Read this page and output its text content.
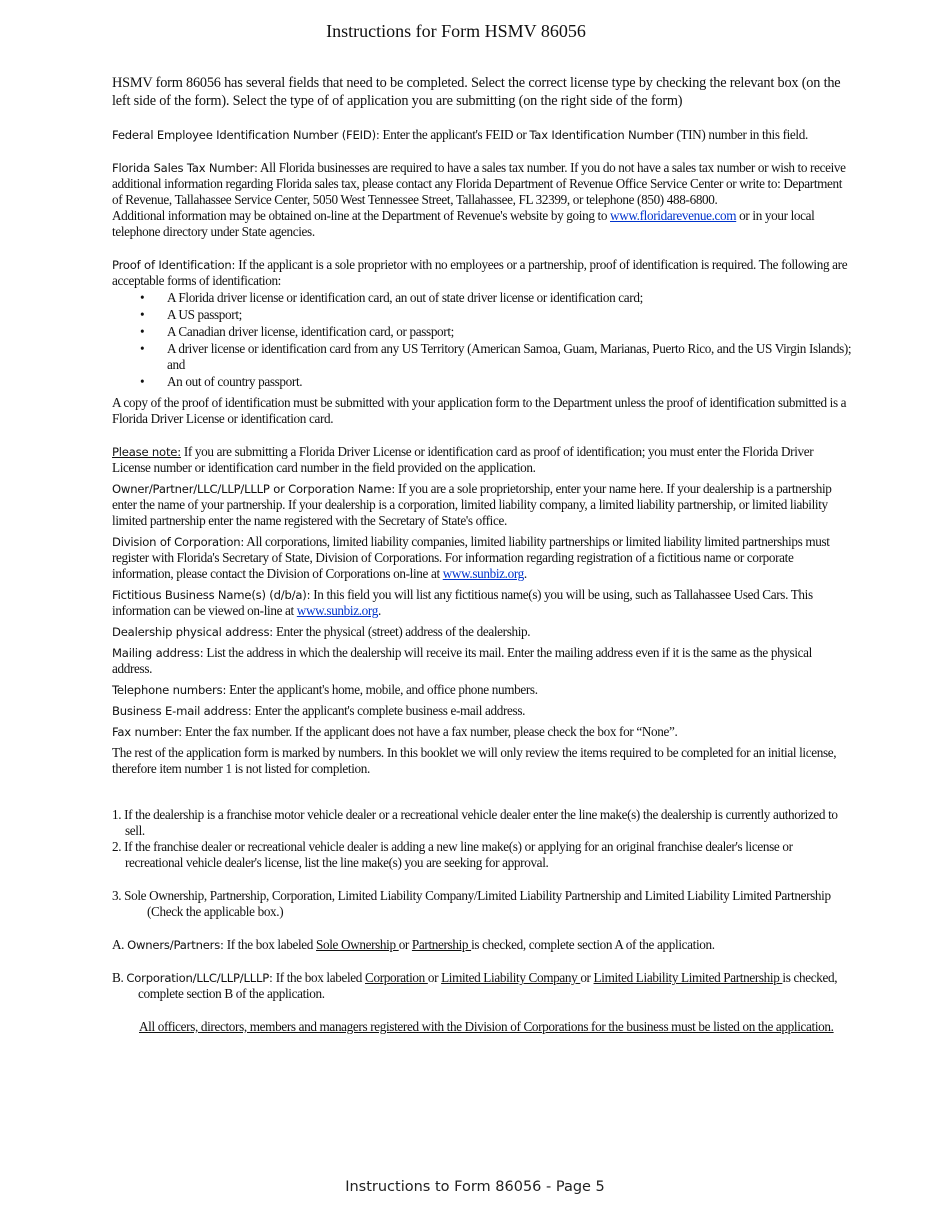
Instructions for Form HSMV 86056

HSMV form 86056 has several fields that need to be completed. Select the correct license type by checking the relevant box (on the left side of the form). Select the type of of application you are submitting (on the right side of the form)

Federal Employee Identification Number (FEID): Enter the applicant's FEID or Tax Identification Number (TIN) number in this field.

Florida Sales Tax Number: All Florida businesses are required to have a sales tax number. If you do not have a sales tax number or wish to receive additional information regarding Florida sales tax, please contact any Florida Department of Revenue Office Service Center or write to: Department of Revenue, Tallahassee Service Center, 5050 West Tennessee Street, Tallahassee, FL 32399, or telephone (850) 488-6800.

Additional information may be obtained on-line at the Department of Revenue's website by going to www.floridarevenue.com or in your local telephone directory under State agencies.

Proof of Identification: If the applicant is a sole proprietor with no employees or a partnership, proof of identification is required. The following are acceptable forms of identification:

• A Florida driver license or identification card, an out of state driver license or identification card;
• A US passport;
• A Canadian driver license, identification card, or passport;
• A driver license or identification card from any US Territory (American Samoa, Guam, Marianas, Puerto Rico, and the US Virgin Islands); and
• An out of country passport.

A copy of the proof of identification must be submitted with your application form to the Department unless the proof of identification submitted is a Florida Driver License or identification card.

Please note: If you are submitting a Florida Driver License or identification card as proof of identification; you must enter the Florida Driver License number or identification card number in the field provided on the application.

Owner/Partner/LLC/LLP/LLLP or Corporation Name: If you are a sole proprietorship, enter your name here. If your dealership is a partnership enter the name of your partnership. If your dealership is a corporation, limited liability company, a limited liability partnership, or limited liability limited partnership enter the name registered with the Secretary of State's office.

Division of Corporation: All corporations, limited liability companies, limited liability partnerships or limited liability limited partnerships must register with Florida's Secretary of State, Division of Corporations. For information regarding registration of a fictitious name or corporate information, please contact the Division of Corporations on-line at www.sunbiz.org.

Fictitious Business Name(s) (d/b/a): In this field you will list any fictitious name(s) you will be using, such as Tallahassee Used Cars. This information can be viewed on-line at www.sunbiz.org.

Dealership physical address: Enter the physical (street) address of the dealership.

Mailing address: List the address in which the dealership will receive its mail. Enter the mailing address even if it is the same as the physical address.

Telephone numbers: Enter the applicant's home, mobile, and office phone numbers.

Business E-mail address: Enter the applicant's complete business e-mail address.

Fax number: Enter the fax number. If the applicant does not have a fax number, please check the box for “None”.

The rest of the application form is marked by numbers. In this booklet we will only review the items required to be completed for an initial license, therefore item number 1 is not listed for completion.

1. If the dealership is a franchise motor vehicle dealer or a recreational vehicle dealer enter the line make(s) the dealership is currently authorized to sell.

2. If the franchise dealer or recreational vehicle dealer is adding a new line make(s) or applying for an original franchise dealer's license or recreational vehicle dealer's license, list the line make(s) you are seeking for approval.

3. Sole Ownership, Partnership, Corporation, Limited Liability Company/Limited Liability Partnership and Limited Liability Limited Partnership (Check the applicable box.)

A. Owners/Partners: If the box labeled Sole Ownership or Partnership is checked, complete section A of the application.

B. Corporation/LLC/LLP/LLLP: If the box labeled Corporation or Limited Liability Company or Limited Liability Limited Partnership is checked, complete section B of the application.

All officers, directors, members and managers registered with the Division of Corporations for the business must be listed on the application.

Instructions to Form 86056 - Page 5
